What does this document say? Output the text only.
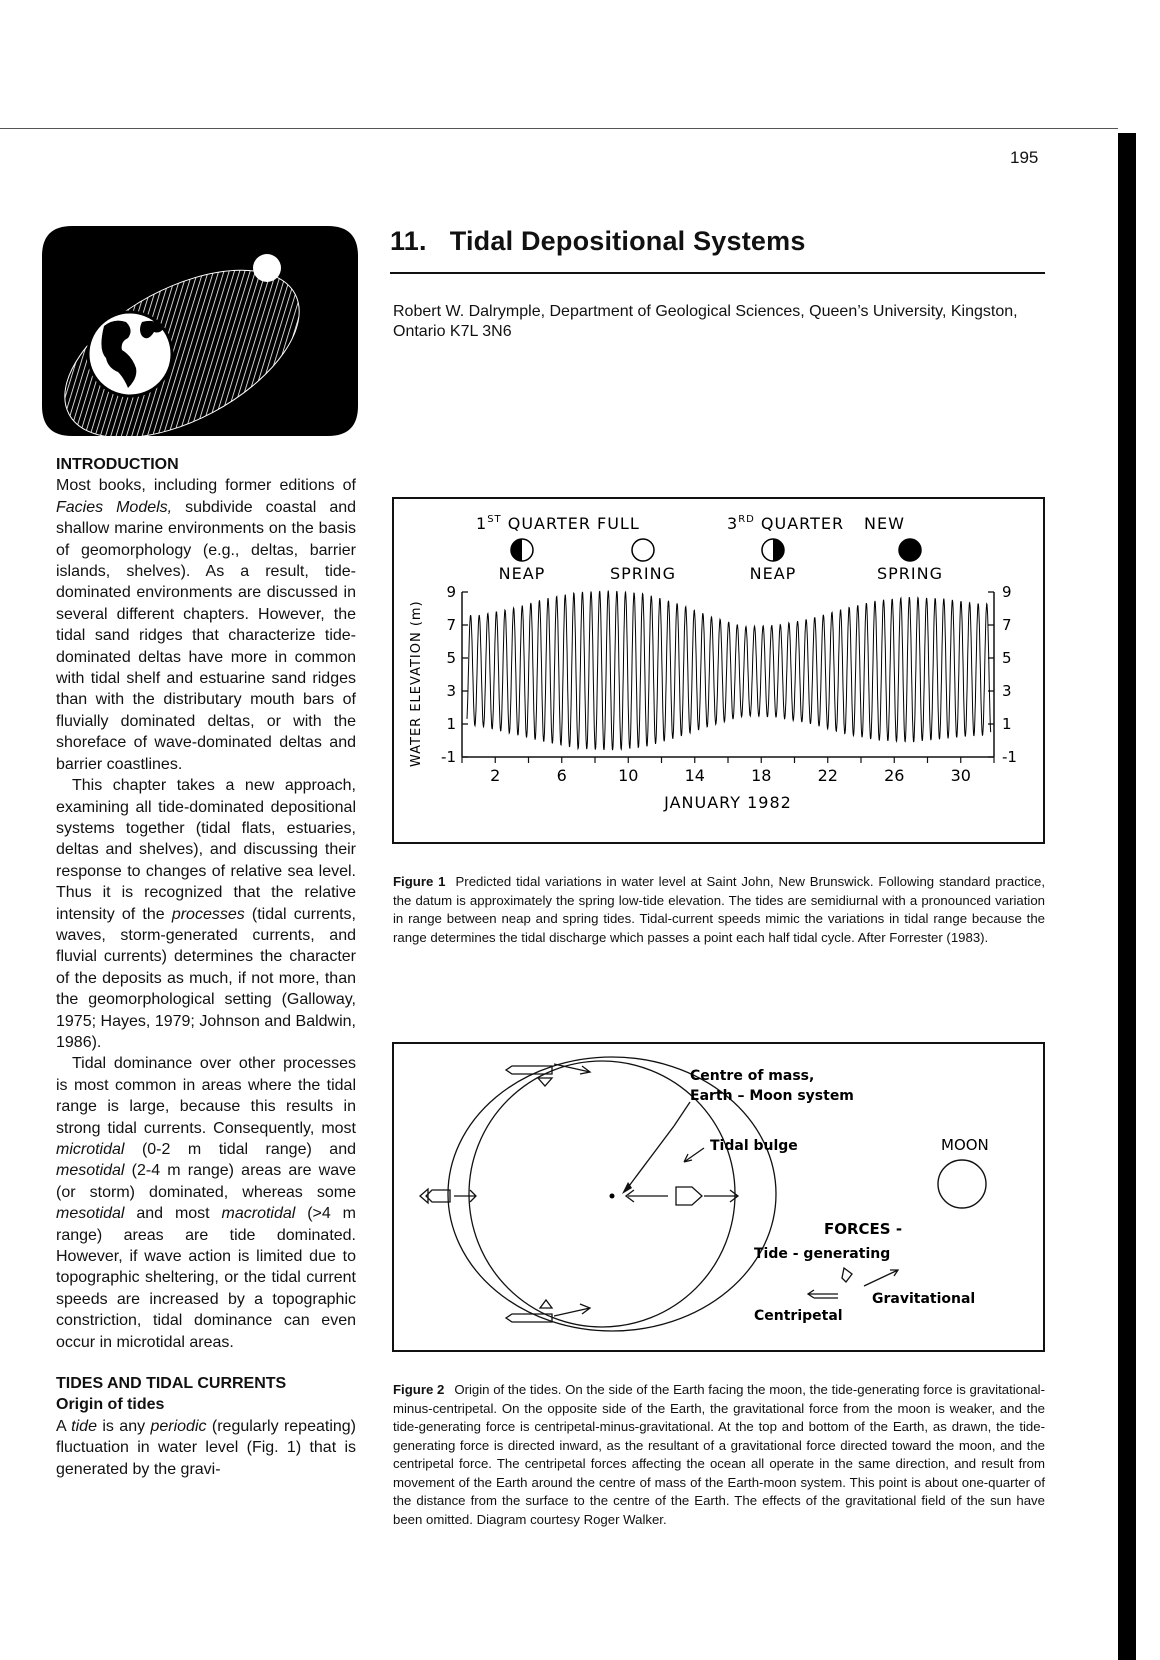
195
11.   Tidal Depositional Systems
Robert W. Dalrymple, Department of Geological Sciences, Queen’s University, Kingston, Ontario K7L 3N6

INTRODUCTION

Most books, including former editions of Facies Models, subdivide coastal and shallow marine environments on the basis of geomorphology (e.g., deltas, barrier islands, shelves). As a result, tide-dominated environments are discussed in several different chapters. However, the tidal sand ridges that characterize tide-dominated deltas have more in common with tidal shelf and estuarine sand ridges than with the distributary mouth bars of fluvially dominated deltas, or with the shoreface of wave-dominated deltas and barrier coastlines.

This chapter takes a new approach, examining all tide-dominated depositional systems together (tidal flats, estuaries, deltas and shelves), and discussing their response to changes of relative sea level. Thus it is recognized that the relative intensity of the processes (tidal currents, waves, storm-generated currents, and fluvial currents) determines the character of the deposits as much, if not more, than the geomorphological setting (Galloway, 1975; Hayes, 1979; Johnson and Baldwin, 1986).

Tidal dominance over other processes is most common in areas where the tidal range is large, because this results in strong tidal currents. Consequently, most microtidal (0-2 m tidal range) and mesotidal (2-4 m range) areas are wave (or storm) dominated, whereas some mesotidal and most macrotidal (>4 m range) areas are tide dominated. However, if wave action is limited due to topographic sheltering, or the tidal current speeds are increased by a topographic constriction, tidal dominance can even occur in microtidal areas.

TIDES AND TIDAL CURRENTS

Origin of tides

A tide is any periodic (regularly repeating) fluctuation in water level (Fig. 1) that is generated by the gravi-

1ST QUARTER
NEAP
FULL
SPRING
3RD QUARTER
NEAP
NEW
SPRING
-1	-1
1	1
3	3
5	5
7	7
9	9
2	6	10	14	18	22	26	30
JANUARY 1982
WATER ELEVATION (m)
Figure 1 Predicted tidal variations in water level at Saint John, New Brunswick. Following standard practice, the datum is approximately the spring low-tide elevation. The tides are semidiurnal with a pronounced variation in range between neap and spring tides. Tidal-current speeds mimic the variations in tidal range because the range determines the tidal discharge which passes a point each half tidal cycle. After Forrester (1983).
Centre of mass,
Earth – Moon system
Tidal bulge	MOON
FORCES -
Tide - generating
Gravitational
Centripetal
Figure 2 Origin of the tides. On the side of the Earth facing the moon, the tide-generating force is gravitational-minus-centripetal. On the opposite side of the Earth, the gravitational force from the moon is weaker, and the tide-generating force is centripetal-minus-gravitational. At the top and bottom of the Earth, as drawn, the tide-generating force is directed inward, as the resultant of a gravitational force directed toward the moon, and the centripetal force. The centripetal forces affecting the ocean all operate in the same direction, and result from movement of the Earth around the centre of mass of the Earth-moon system. This point is about one-quarter of the distance from the surface to the centre of the Earth. The effects of the gravitational field of the sun have been omitted. Diagram courtesy Roger Walker.
